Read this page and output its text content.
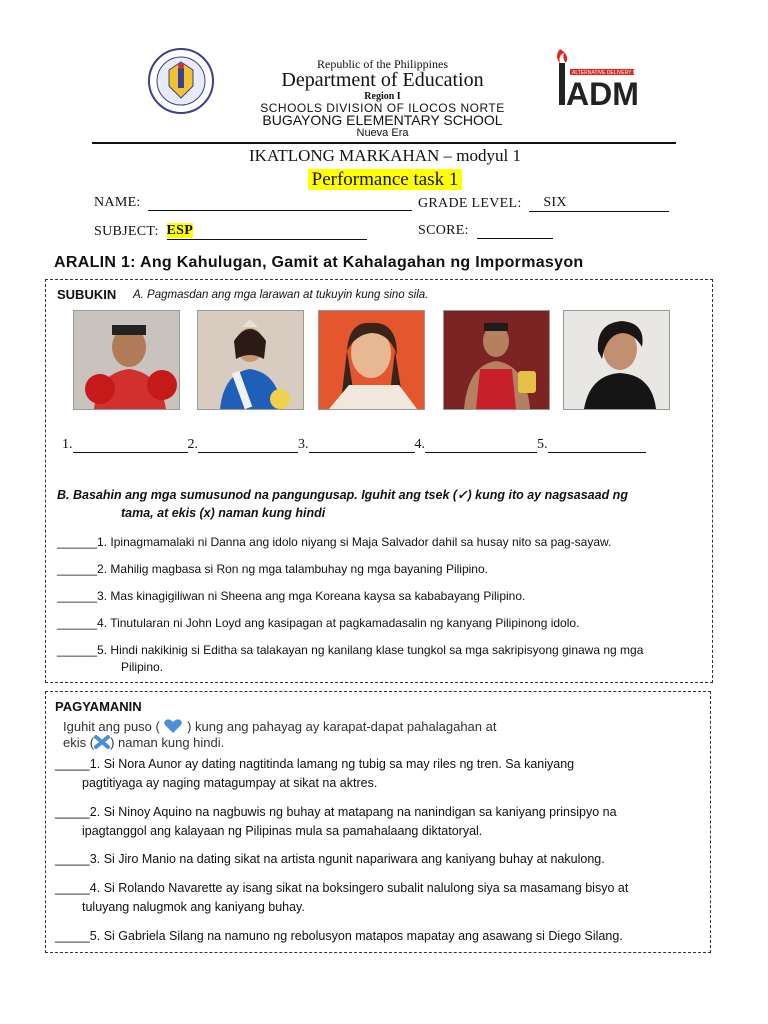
Republic of the Philippines
Department of Education
Region I
SCHOOLS DIVISION OF ILOCOS NORTE
BUGAYONG ELEMENTARY SCHOOL
Nueva Era
ALTERNATIVE DELIVERY MODE
ADM
IKATLONG MARKAHAN – modyul 1
Performance task 1
NAME:	GRADE LEVEL: SIX
SUBJECT: ESP	SCORE:
ARALIN 1: Ang Kahulugan, Gamit at Kahalagahan ng Impormasyon
SUBUKIN A. Pagmasdan ang mga larawan at tukuyin kung sino sila.
1.	2.	3.	4.	5.
B. Basahin ang mga sumusunod na pangungusap. Iguhit ang tsek (✓) kung ito ay nagsasaad ng
tama, at ekis (x) naman kung hindi
______1. Ipinagmamalaki ni Danna ang idolo niyang si Maja Salvador dahil sa husay nito sa pag-sayaw.
______2. Mahilig magbasa si Ron ng mga talambuhay ng mga bayaning Pilipino.
______3. Mas kinagigiliwan ni Sheena ang mga Koreana kaysa sa kababayang Pilipino.
______4. Tinutularan ni John Loyd ang kasipagan at pagkamadasalin ng kanyang Pilipinong idolo.
______5. Hindi nakikinig si Editha sa talakayan ng kanilang klase tungkol sa mga sakripisyong ginawa ng mga
Pilipino.
PAGYAMANIN
Iguhit ang puso ( ) kung ang pahayag ay karapat-dapat pahalagahan at
ekis ( ) naman kung hindi.
_____1. Si Nora Aunor ay dating nagtitinda lamang ng tubig sa may riles ng tren. Sa kaniyang
pagtitiyaga ay naging matagumpay at sikat na aktres.
_____2. Si Ninoy Aquino na nagbuwis ng buhay at matapang na nanindigan sa kaniyang prinsipyo na
ipagtanggol ang kalayaan ng Pilipinas mula sa pamahalaang diktatoryal.
_____3. Si Jiro Manio na dating sikat na artista ngunit napariwara ang kaniyang buhay at nakulong.
_____4. Si Rolando Navarette ay isang sikat na boksingero subalit nalulong siya sa masamang bisyo at
tuluyang nalugmok ang kaniyang buhay.
_____5. Si Gabriela Silang na namuno ng rebolusyon matapos mapatay ang asawang si Diego Silang.
